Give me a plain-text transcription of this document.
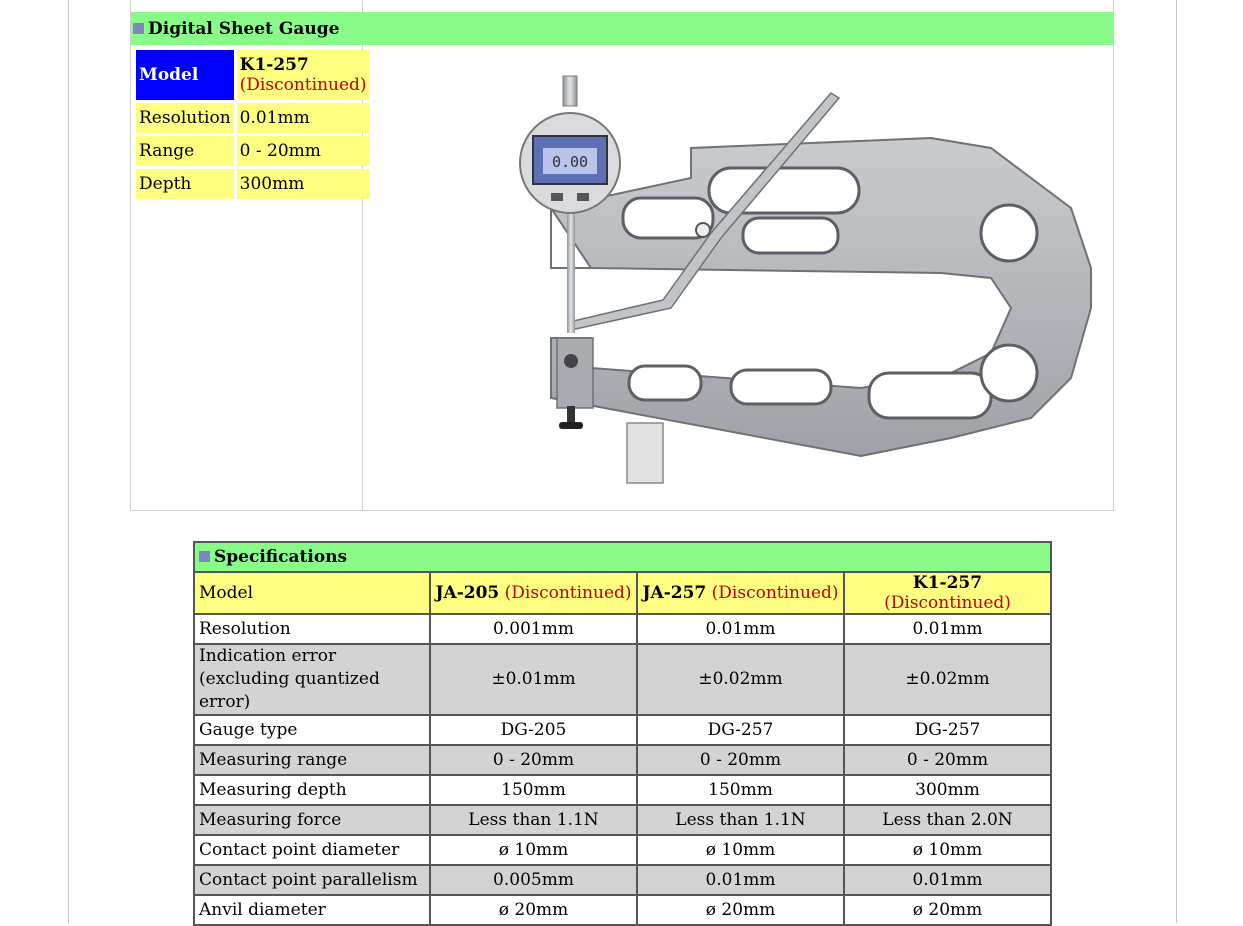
Digital Sheet Gauge
Model	K1-257
(Discontinued)

Resolution	0.01mm
Range	0 - 20mm
Depth	300mm
0.00
Specifications			
Model	JA-205 (Discontinued)	JA-257 (Discontinued)	K1-257 (Discontinued)
Resolution	0.001mm	0.01mm	0.01mm

Indication error
(excluding quantized error)	±0.01mm	±0.02mm	±0.02mm
Gauge type	DG-205	DG-257	DG-257
Measuring range	0 - 20mm	0 - 20mm	0 - 20mm
Measuring depth	150mm	150mm	300mm
Measuring force	Less than 1.1N	Less than 1.1N	Less than 2.0N
Contact point diameter	ø 10mm	ø 10mm	ø 10mm
Contact point parallelism	0.005mm	0.01mm	0.01mm
Anvil diameter	ø 20mm	ø 20mm	ø 20mm
